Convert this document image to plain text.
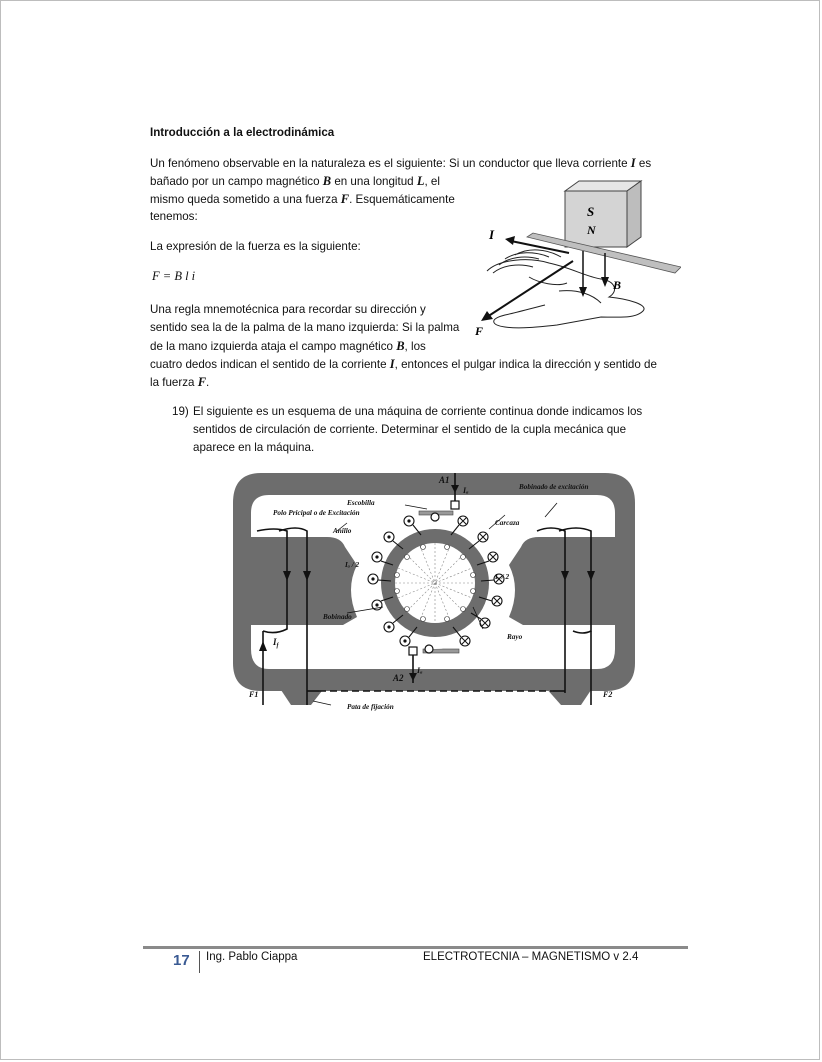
Introducción a la electrodinámica
Un fenómeno observable en la naturaleza es el siguiente: Si un conductor que lleva corriente I es
bañado por un campo magnético B en una longitud L, el
mismo queda sometido a una fuerza F. Esquemáticamente
tenemos:
La expresión de la fuerza es la siguiente:
F = B l i
Una regla mnemotécnica para recordar su dirección y
sentido sea la de la palma de la mano izquierda: Si la palma
de la mano izquierda ataja el campo magnético B, los
cuatro dedos indican el sentido de la corriente I, entonces el pulgar indica la dirección y sentido de
la fuerza F.
S
N
I
B
F
19) El siguiente es un esquema de una máquina de corriente continua donde indicamos los
sentidos de circulación de corriente. Determinar el sentido de la cupla mecánica que
aparece en la máquina.
A1
Iₐ	Bobinado de excitación
Escobilla
Polo Pricipal o de Excitación
Anillo
Carcaza
Iₐ / 2
Iₐ / 2
Bobinado
Rayo
$I_f$
Iₐ
A2
F1	F2
Pata de fijación
17 Ing. Pablo Ciappa	ELECTROTECNIA – MAGNETISMO v 2.4
